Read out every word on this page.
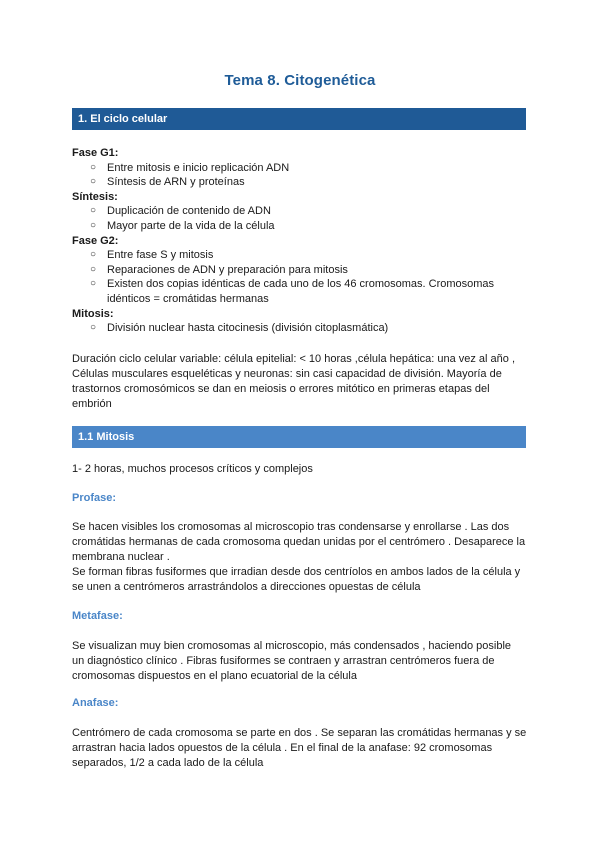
Tema 8. Citogenética
1. El ciclo celular
Fase G1:
○ Entre mitosis e inicio replicación ADN
○ Síntesis de ARN y proteínas
Síntesis:
○ Duplicación de contenido de ADN
○ Mayor parte de la vida de la célula
Fase G2:
○ Entre fase S y mitosis
○ Reparaciones de ADN y preparación para mitosis
○ Existen dos copias idénticas de cada uno de los 46 cromosomas. Cromosomas idénticos = cromátidas hermanas
Mitosis:
○ División nuclear hasta citocinesis (división citoplasmática)
Duración ciclo celular variable: célula epitelial: < 10 horas ,célula hepática: una vez al año , Células musculares esqueléticas y neuronas: sin casi capacidad de división. Mayoría de trastornos cromosómicos se dan en meiosis o errores mitótico en primeras etapas del embrión
1.1 Mitosis
1- 2 horas, muchos procesos críticos y complejos
Profase:
Se hacen visibles los cromosomas al microscopio tras condensarse y enrollarse . Las dos cromátidas hermanas de cada cromosoma quedan unidas por el centrómero . Desaparece la membrana nuclear .
Se forman fibras fusiformes que irradian desde dos centríolos en ambos lados de la célula y se unen a centrómeros arrastrándolos a direcciones opuestas de célula
Metafase:
Se visualizan muy bien cromosomas al microscopio, más condensados , haciendo posible un diagnóstico clínico . Fibras fusiformes se contraen y arrastran centrómeros fuera de cromosomas dispuestos en el plano ecuatorial de la célula
Anafase:
Centrómero de cada cromosoma se parte en dos . Se separan las cromátidas hermanas y se arrastran hacia lados opuestos de la célula . En el final de la anafase: 92 cromosomas separados, 1/2 a cada lado de la célula
